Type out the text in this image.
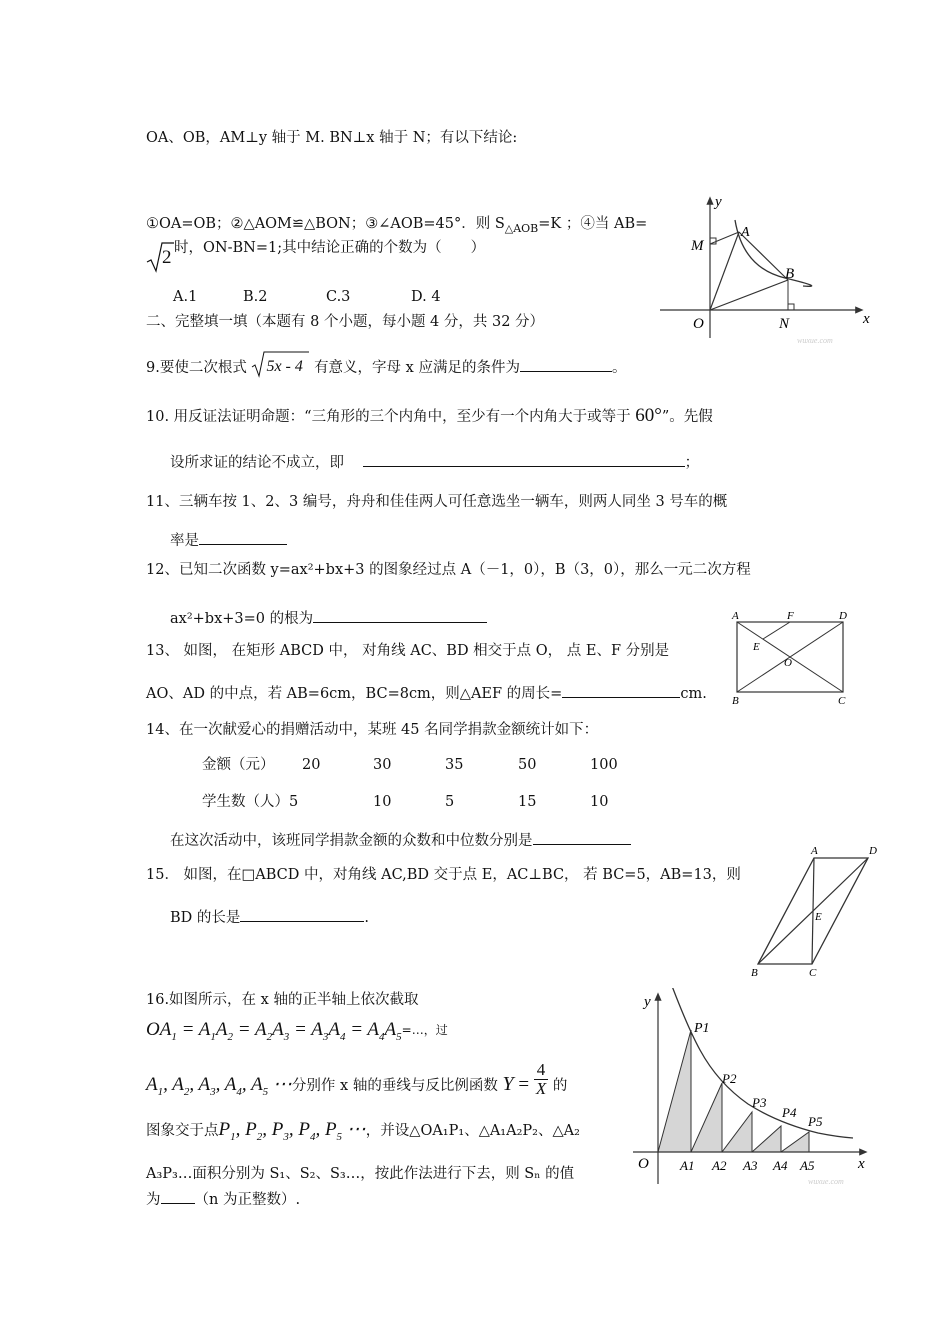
OA、OB，AM⊥y 轴于 M. BN⊥x 轴于 N；有以下结论:
①OA=OB；②△AOM≌△BON；③∠AOB=45°．则 $S_{\triangle AOB}=K$ ；④当 AB=
2 时，ON-BN=1;其中结论正确的个数为（　　）
A.1	B.2	C.3	D. 4
y
M
A
B
O	N	x
wuxue.com
二、完整填一填（本题有 8 个小题，每小题 4 分，共 32 分）
9.要使二次根式 5x - 4 有意义，字母 x 应满足的条件为	。
10. 用反证法证明命题：“三角形的三个内角中，至少有一个内角大于或等于 60°”。先假
设所求证的结论不成立，即	；
11、三辆车按 1、2、3 编号，舟舟和佳佳两人可任意选坐一辆车，则两人同坐 3 号车的概
率是
12、已知二次函数 y=ax²+bx+3 的图象经过点 A（－1，0），B（3，0），那么一元二次方程
ax²+bx+3=0 的根为
13、 如图， 在矩形 ABCD 中， 对角线 AC、BD 相交于点 O， 点 E、F 分别是
AO、AD 的中点，若 AB=6cm，BC=8cm，则△AEF 的周长=	cm.
A	F	D
E
O
B	C
14、在一次献爱心的捐赠活动中，某班 45 名同学捐款金额统计如下：
金额（元） 20	30	35	50	100
学生数（人）5	10	5	15	10
在这次活动中，该班同学捐款金额的众数和中位数分别是
15． 如图，在□ABCD 中，对角线 AC,BD 交于点 E，AC⊥BC， 若 BC=5，AB=13，则
BD 的长是	.
A	D
E
B	C
16.如图所示，在 x 轴的正半轴上依次截取
$OA_1 = A_1A_2 = A_2A_3 = A_3A_4 = A_4A_5^{=\dots,过}$
$A_1$, $A_2$, $A_3$, $A_4$, $A_5$ ⋯分别作 x 轴的垂线与反比例函数 $Y = \frac{4}{X}$ 的
图象交于点$P_1$, $P_2$, $P_3$, $P_4$, $P_5$ ⋯，并设△OA₁P₁、△A₁A₂P₂、△A₂
A₃P₃…面积分别为 S₁、S₂、S₃…，按此作法进行下去，则 Sₙ 的值
为 （n 为正整数）.
y
P1
P2
P3
P4
P5
O A1 A2 A3 A4 A5	x
wuxue.com
